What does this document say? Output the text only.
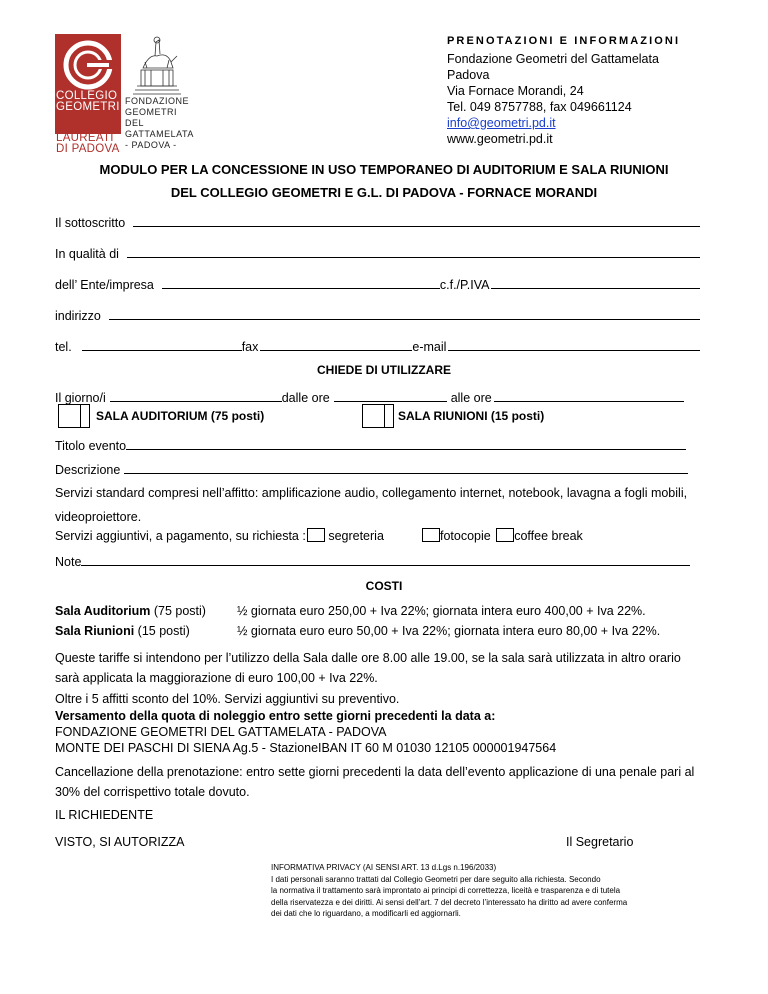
COLLEGIO
GEOMETRI
E GEOMETRI
LAUREATI
DI PADOVA
FONDAZIONE
GEOMETRI DEL
GATTAMELATA
- PADOVA -
PRENOTAZIONI E INFORMAZIONI
Fondazione Geometri del Gattamelata
Padova
Via Fornace Morandi, 24
Tel. 049 8757788, fax 049661124
info@geometri.pd.it
www.geometri.pd.it
MODULO PER LA CONCESSIONE IN USO TEMPORANEO DI AUDITORIUM E SALA RIUNIONI
DEL COLLEGIO GEOMETRI E G.L. DI PADOVA - FORNACE MORANDI
Il sottoscritto
In qualità di
dell’ Ente/impresa	c.f./P.IVA
indirizzo
tel.	fax	e-mail
CHIEDE DI UTILIZZARE
Il giorno/i	dalle ore	alle ore
SALA AUDITORIUM (75 posti)	SALA RIUNIONI (15 posti)
Titolo evento
Descrizione
Servizi standard compresi nell’affitto: amplificazione audio, collegamento internet, notebook, lavagna a fogli mobili, videoproiettore.
Servizi aggiuntivi, a pagamento, su richiesta : segreteria	fotocopie coffee break
Note
COSTI
Sala Auditorium (75 posti) ½ giornata euro 250,00 + Iva 22%; giornata intera euro 400,00 + Iva 22%.
Sala Riunioni (15 posti)	½ giornata euro euro 50,00 + Iva 22%; giornata intera euro 80,00 + Iva 22%.
Queste tariffe si intendono per l’utilizzo della Sala dalle ore 8.00 alle 19.00, se la sala sarà utilizzata in altro orario sarà applicata la maggiorazione di euro 100,00 + Iva 22%.
Oltre i 5 affitti sconto del 10%. Servizi aggiuntivi su preventivo.
Versamento della quota di noleggio entro sette giorni precedenti la data a:
FONDAZIONE GEOMETRI DEL GATTAMELATA - PADOVA
MONTE DEI PASCHI DI SIENA Ag.5 - Stazione IBAN IT 60 M 01030 12105 000001947564
Cancellazione della prenotazione: entro sette giorni precedenti la data dell’evento applicazione di una penale pari al 30% del corrispettivo totale dovuto.
IL RICHIEDENTE
VISTO, SI AUTORIZZA	Il Segretario
INFORMATIVA PRIVACY (AI SENSI ART. 13 d.Lgs n.196/2033)
I dati personali saranno trattati dal Collegio Geometri per dare seguito alla richiesta. Secondo
la normativa il trattamento sarà improntato ai principi di correttezza, liceità e trasparenza e di tutela
della riservatezza e dei diritti. Ai sensi dell’art. 7 del decreto l’interessato ha diritto ad avere conferma
dei dati che lo riguardano, a modificarli ed aggiornarli.
